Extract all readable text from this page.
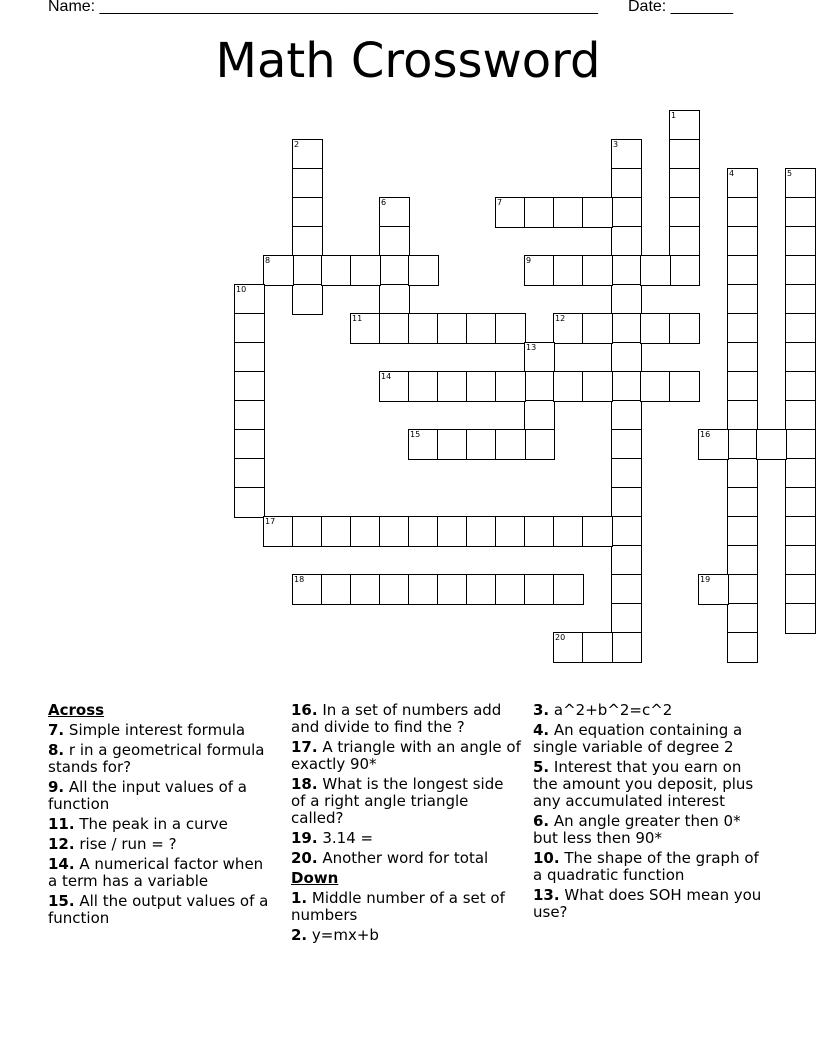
Name: ________________________________________________________ Date: _______
Math Crossword
1
2	3
4	5
6	7
8	9
10
11	12
13
14
15	16
17
18	19
20
Across
7. Simple interest formula
8. r in a geometrical formula stands for?
9. All the input values of a function
11. The peak in a curve
12. rise / run = ?
14. A numerical factor when a term has a variable
15. All the output values of a function
16. In a set of numbers add and divide to find the ?
17. A triangle with an angle of exactly 90*
18. What is the longest side of a right angle triangle called?
19. 3.14 =
20. Another word for total
Down
1. Middle number of a set of numbers
2. y=mx+b
3. a^2+b^2=c^2
4. An equation containing a single variable of degree 2
5. Interest that you earn on the amount you deposit, plus any accumulated interest
6. An angle greater then 0* but less then 90*
10. The shape of the graph of a quadratic function
13. What does SOH mean you use?
